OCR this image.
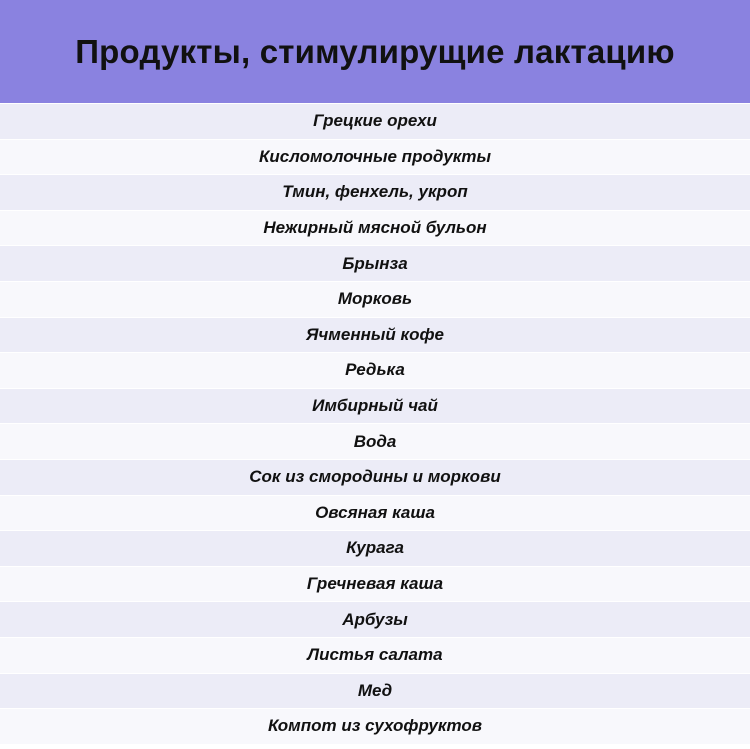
Продукты, стимулирущие лактацию
Грецкие орехи
Кисломолочные продукты
Тмин, фенхель, укроп
Нежирный мясной бульон
Брынза
Морковь
Ячменный кофе
Редька
Имбирный чай
Вода
Сок из смородины и моркови
Овсяная каша
Курага
Гречневая каша
Арбузы
Листья салата
Мед
Компот из сухофруктов
